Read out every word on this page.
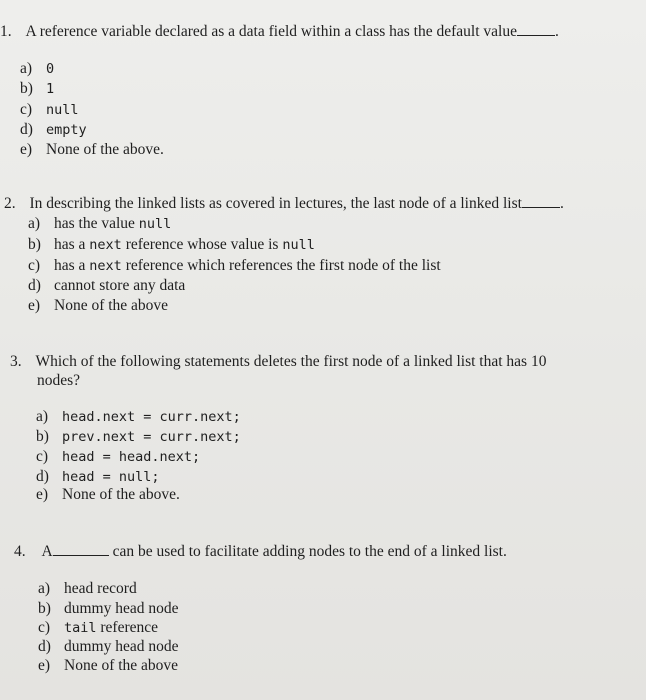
1. A reference variable declared as a data field within a class has the default value .
a) 0
b) 1
c) null
d) empty
e) None of the above.
2. In describing the linked lists as covered in lectures, the last node of a linked list .
a) has the value null
b) has a next reference whose value is null
c) has a next reference which references the first node of the list
d) cannot store any data
e) None of the above
3. Which of the following statements deletes the first node of a linked list that has 10
nodes?
a) head.next = curr.next;
b) prev.next = curr.next;
c) head = head.next;
d) head = null;
e) None of the above.
4. A	can be used to facilitate adding nodes to the end of a linked list.
a) head record
b) dummy head node
c) tail reference
d) dummy head node
e) None of the above
